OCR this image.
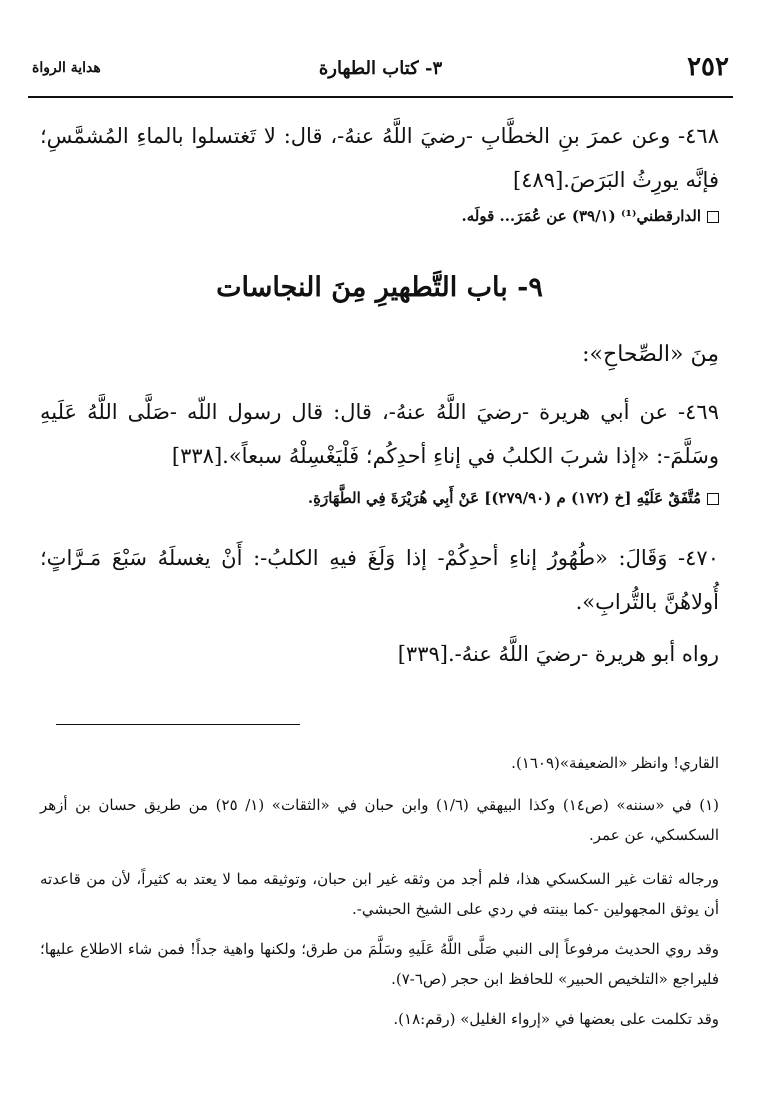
٢٥٢
٣- كتاب الطهارة
هداية الرواة
٤٦٨- وعن عمرَ بنِ الخطَّابِ -رضيَ اللَّهُ عنهُ-، قال: لا تَغتسلوا بالماءِ المُشمَّسِ؛ فإنَّه يورِثُ البَرَصَ.[٤٨٩]
الدارقطني⁽¹⁾ (٣٩/١) عن عُمَرَ... قولَه.
٩- باب التَّطهيرِ مِنَ النجاسات
مِنَ «الصِّحاحِ»:
٤٦٩- عن أبي هريرة -رضيَ اللَّهُ عنهُ-، قال: قال رسول اللّه -صَلَّى اللَّهُ عَلَيهِ وسَلَّمَ-: «إذا شربَ الكلبُ في إناءِ أحدِكُم؛ فَلْيَغْسِلْهُ سبعاً».[٣٣٨]
مُتَّفَقٌ عَلَيْهِ [خ (١٧٢) م (٢٧٩/٩٠)] عَنْ أَبِي هُرَيْرَةَ فِي الطَّهَارَةِ.
٤٧٠- وَقَالَ: «طُهُورُ إناءِ أحدِكُمْ- إذا وَلَغَ فيهِ الكلبُ-: أَنْ يغسلَهُ سَبْعَ مَـرَّاتٍ؛ أُولاهُنَّ بالتُّرابِ».
رواه أبو هريرة -رضيَ اللَّهُ عنهُ-.[٣٣٩]
القاري! وانظر «الضعيفة»(١٦٠٩).
(١) في «سننه» (ص١٤) وكذا البيهقي (١/٦) وابن حبان في «الثقات» (١/ ٢٥) من طريق حسان بن أزهر السكسكي، عن عمر.
ورجاله ثقات غير السكسكي هذا، فلم أجد من وثقه غير ابن حبان، وتوثيقه مما لا يعتد به كثيراً، لأن من قاعدته أن يوثق المجهولين -كما بينته في ردي على الشيخ الحبشي-.
وقد روي الحديث مرفوعاً إلى النبي صَلَّى اللَّهُ عَلَيهِ وسَلَّمَ من طرق؛ ولكنها واهية جداً! فمن شاء الاطلاع عليها؛ فليراجع «التلخيص الحبير» للحافظ ابن حجر (ص٦-٧).
وقد تكلمت على بعضها في «إرواء الغليل» (رقم:١٨).
